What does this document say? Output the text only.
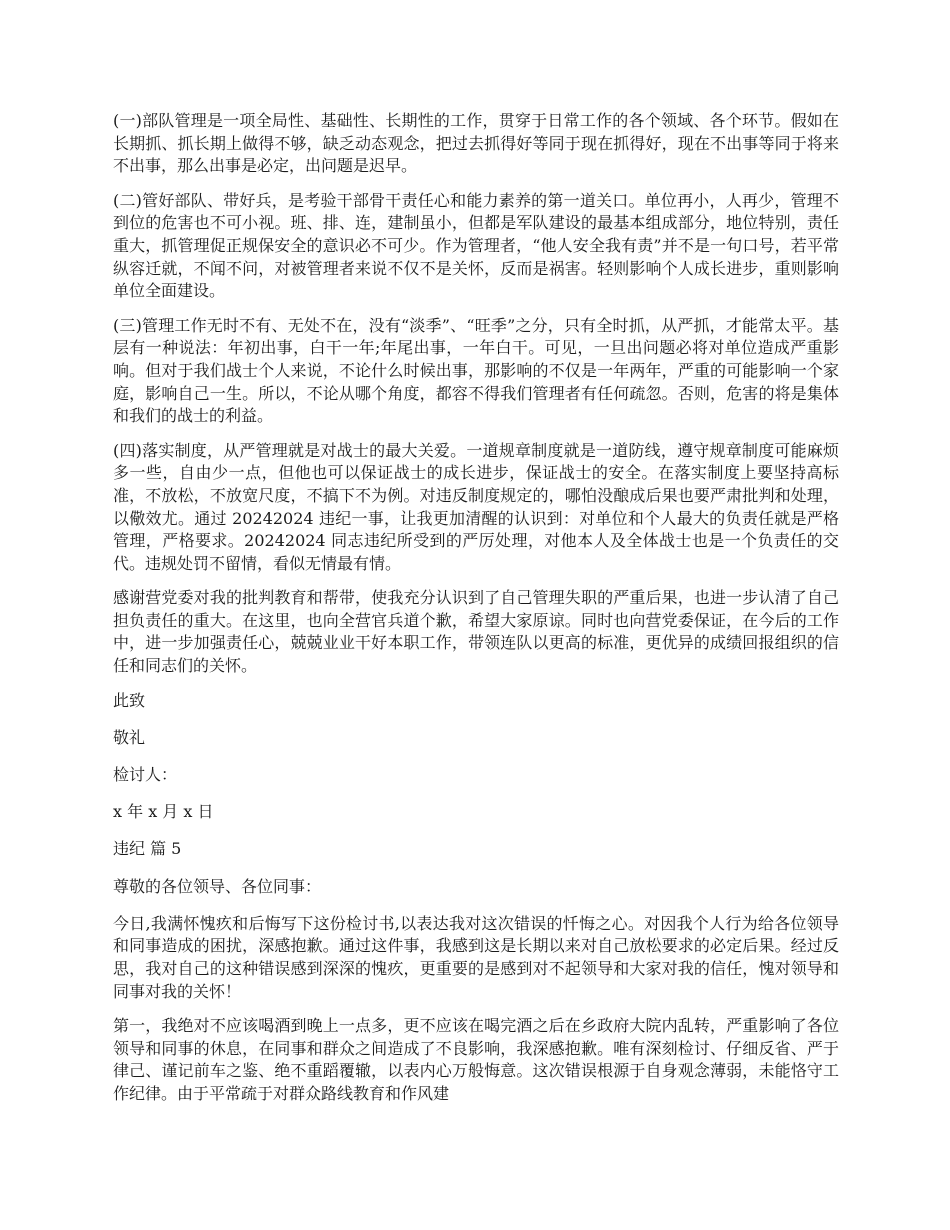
(一)部队管理是一项全局性、基础性、长期性的工作，贯穿于日常工作的各个领域、各个环节。假如在长期抓、抓长期上做得不够，缺乏动态观念，把过去抓得好等同于现在抓得好，现在不出事等同于将来不出事，那么出事是必定，出问题是迟早。

(二)管好部队、带好兵，是考验干部骨干责任心和能力素养的第一道关口。单位再小，人再少，管理不到位的危害也不可小视。班、排、连，建制虽小，但都是军队建设的最基本组成部分，地位特别，责任重大，抓管理促正规保安全的意识必不可少。作为管理者，“他人安全我有责”并不是一句口号，若平常纵容迁就，不闻不问，对被管理者来说不仅不是关怀，反而是祸害。轻则影响个人成长进步，重则影响单位全面建设。

(三)管理工作无时不有、无处不在，没有“淡季”、“旺季”之分，只有全时抓，从严抓，才能常太平。基层有一种说法：年初出事，白干一年;年尾出事，一年白干。可见，一旦出问题必将对单位造成严重影响。但对于我们战士个人来说，不论什么时候出事，那影响的不仅是一年两年，严重的可能影响一个家庭，影响自己一生。所以，不论从哪个角度，都容不得我们管理者有任何疏忽。否则，危害的将是集体和我们的战士的利益。

(四)落实制度，从严管理就是对战士的最大关爱。一道规章制度就是一道防线，遵守规章制度可能麻烦多一些，自由少一点，但他也可以保证战士的成长进步，保证战士的安全。在落实制度上要坚持高标准，不放松，不放宽尺度，不搞下不为例。对违反制度规定的，哪怕没酿成后果也要严肃批判和处理，以儆效尤。通过 20242024 违纪一事，让我更加清醒的认识到：对单位和个人最大的负责任就是严格管理，严格要求。20242024 同志违纪所受到的严厉处理，对他本人及全体战士也是一个负责任的交代。违规处罚不留情，看似无情最有情。

感谢营党委对我的批判教育和帮带，使我充分认识到了自己管理失职的严重后果，也进一步认清了自己担负责任的重大。在这里，也向全营官兵道个歉，希望大家原谅。同时也向营党委保证，在今后的工作中，进一步加强责任心，兢兢业业干好本职工作，带领连队以更高的标准，更优异的成绩回报组织的信任和同志们的关怀。

此致

敬礼

检讨人：

x 年 x 月 x 日

违纪 篇 5

尊敬的各位领导、各位同事：

今日,我满怀愧疚和后悔写下这份检讨书,以表达我对这次错误的忏悔之心。对因我个人行为给各位领导和同事造成的困扰，深感抱歉。通过这件事，我感到这是长期以来对自己放松要求的必定后果。经过反思，我对自己的这种错误感到深深的愧疚，更重要的是感到对不起领导和大家对我的信任，愧对领导和同事对我的关怀！

第一，我绝对不应该喝酒到晚上一点多，更不应该在喝完酒之后在乡政府大院内乱转，严重影响了各位领导和同事的休息，在同事和群众之间造成了不良影响，我深感抱歉。唯有深刻检讨、仔细反省、严于律己、谨记前车之鉴、绝不重蹈覆辙，以表内心万般悔意。这次错误根源于自身观念薄弱，未能恪守工作纪律。由于平常疏于对群众路线教育和作风建
